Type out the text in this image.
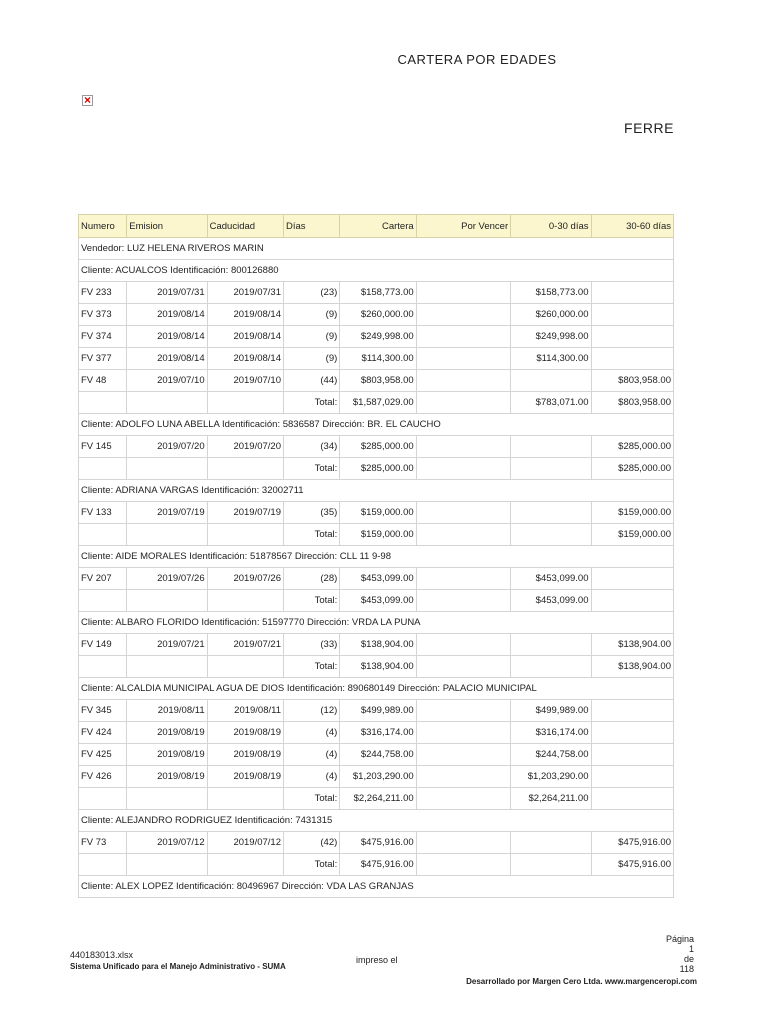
CARTERA POR EDADES
×
FERRE
Numero	Emision	Caducidad	Días	Cartera	Por Vencer	0-30 días	30-60 días
Vendedor: LUZ HELENA RIVEROS MARIN							
Cliente: ACUALCOS Identificación: 800126880							
FV 233	2019/07/31	2019/07/31	(23)	$158,773.00		$158,773.00	
FV 373	2019/08/14	2019/08/14	(9)	$260,000.00		$260,000.00	
FV 374	2019/08/14	2019/08/14	(9)	$249,998.00		$249,998.00	
FV 377	2019/08/14	2019/08/14	(9)	$114,300.00		$114,300.00	
FV 48	2019/07/10	2019/07/10	(44)	$803,958.00			$803,958.00
			Total:	$1,587,029.00		$783,071.00	$803,958.00
Cliente: ADOLFO LUNA ABELLA Identificación: 5836587 Dirección: BR. EL CAUCHO							
FV 145	2019/07/20	2019/07/20	(34)	$285,000.00			$285,000.00
			Total:	$285,000.00			$285,000.00
Cliente: ADRIANA VARGAS Identificación: 32002711							
FV 133	2019/07/19	2019/07/19	(35)	$159,000.00			$159,000.00
			Total:	$159,000.00			$159,000.00
Cliente: AIDE MORALES Identificación: 51878567 Dirección: CLL 11 9-98							
FV 207	2019/07/26	2019/07/26	(28)	$453,099.00		$453,099.00	
			Total:	$453,099.00		$453,099.00	
Cliente: ALBARO FLORIDO Identificación: 51597770 Dirección: VRDA LA PUNA							
FV 149	2019/07/21	2019/07/21	(33)	$138,904.00			$138,904.00
			Total:	$138,904.00			$138,904.00
Cliente: ALCALDIA MUNICIPAL AGUA DE DIOS Identificación: 890680149 Dirección: PALACIO MUNICIPAL							
FV 345	2019/08/11	2019/08/11	(12)	$499,989.00		$499,989.00	
FV 424	2019/08/19	2019/08/19	(4)	$316,174.00		$316,174.00	
FV 425	2019/08/19	2019/08/19	(4)	$244,758.00		$244,758.00	
FV 426	2019/08/19	2019/08/19	(4)	$1,203,290.00		$1,203,290.00	
			Total:	$2,264,211.00		$2,264,211.00	
Cliente: ALEJANDRO RODRIGUEZ Identificación: 7431315							
FV 73	2019/07/12	2019/07/12	(42)	$475,916.00			$475,916.00
			Total:	$475,916.00			$475,916.00
Cliente: ALEX LOPEZ Identificación: 80496967 Dirección: VDA LAS GRANJAS							
440183013.xlsx
Sistema Unificado para el Manejo Administrativo - SUMA
impreso el
Página
1
de
118
Desarrollado por Margen Cero Ltda. www.margenceropi.com
